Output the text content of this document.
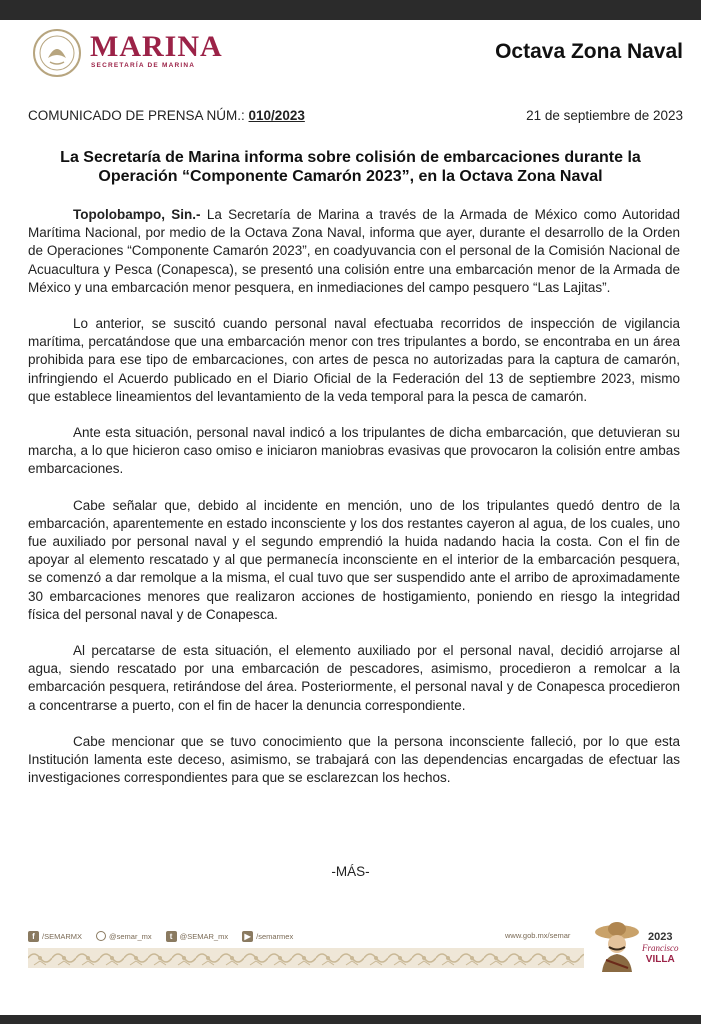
MARINA
SECRETARÍA DE MARINA
Octava Zona Naval
COMUNICADO DE PRENSA NÚM.: 010/2023	21 de septiembre de 2023
La Secretaría de Marina informa sobre colisión de embarcaciones durante la Operación “Componente Camarón 2023”, en la Octava Zona Naval

Topolobampo, Sin.- La Secretaría de Marina a través de la Armada de México como Autoridad Marítima Nacional, por medio de la Octava Zona Naval, informa que ayer, durante el desarrollo de la Orden de Operaciones “Componente Camarón 2023”, en coadyuvancia con el personal de la Comisión Nacional de Acuacultura y Pesca (Conapesca), se presentó una colisión entre una embarcación menor de la Armada de México y una embarcación menor pesquera, en inmediaciones del campo pesquero “Las Lajitas”.

Lo anterior, se suscitó cuando personal naval efectuaba recorridos de inspección de vigilancia marítima, percatándose que una embarcación menor con tres tripulantes a bordo, se encontraba en un área prohibida para ese tipo de embarcaciones, con artes de pesca no autorizadas para la captura de camarón, infringiendo el Acuerdo publicado en el Diario Oficial de la Federación del 13 de septiembre 2023, mismo que establece lineamientos del levantamiento de la veda temporal para la pesca de camarón.

Ante esta situación, personal naval indicó a los tripulantes de dicha embarcación, que detuvieran su marcha, a lo que hicieron caso omiso e iniciaron maniobras evasivas que provocaron la colisión entre ambas embarcaciones.

Cabe señalar que, debido al incidente en mención, uno de los tripulantes quedó dentro de la embarcación, aparentemente en estado inconsciente y los dos restantes cayeron al agua, de los cuales, uno fue auxiliado por personal naval y el segundo emprendió la huida nadando hacia la costa. Con el fin de apoyar al elemento rescatado y al que permanecía inconsciente en el interior de la embarcación pesquera, se comenzó a dar remolque a la misma, el cual tuvo que ser suspendido ante el arribo de aproximadamente 30 embarcaciones menores que realizaron acciones de hostigamiento, poniendo en riesgo la integridad física del personal naval y de Conapesca.

Al percatarse de esta situación, el elemento auxiliado por el personal naval, decidió arrojarse al agua, siendo rescatado por una embarcación de pescadores, asimismo, procedieron a remolcar a la embarcación pesquera, retirándose del área. Posteriormente, el personal naval y de Conapesca procedieron a concentrarse a puerto, con el fin de hacer la denuncia correspondiente.

Cabe mencionar que se tuvo conocimiento que la persona inconsciente falleció, por lo que esta Institución lamenta este deceso, asimismo, se trabajará con las dependencias encargadas de efectuar las investigaciones correspondientes para que se esclarezcan los hechos.

-MÁS-
f /SEMARMX	@semar_mx	t @SEMAR_mx	▶ /semarmex	www.gob.mx/semar	2023
Francisco
VILLA
